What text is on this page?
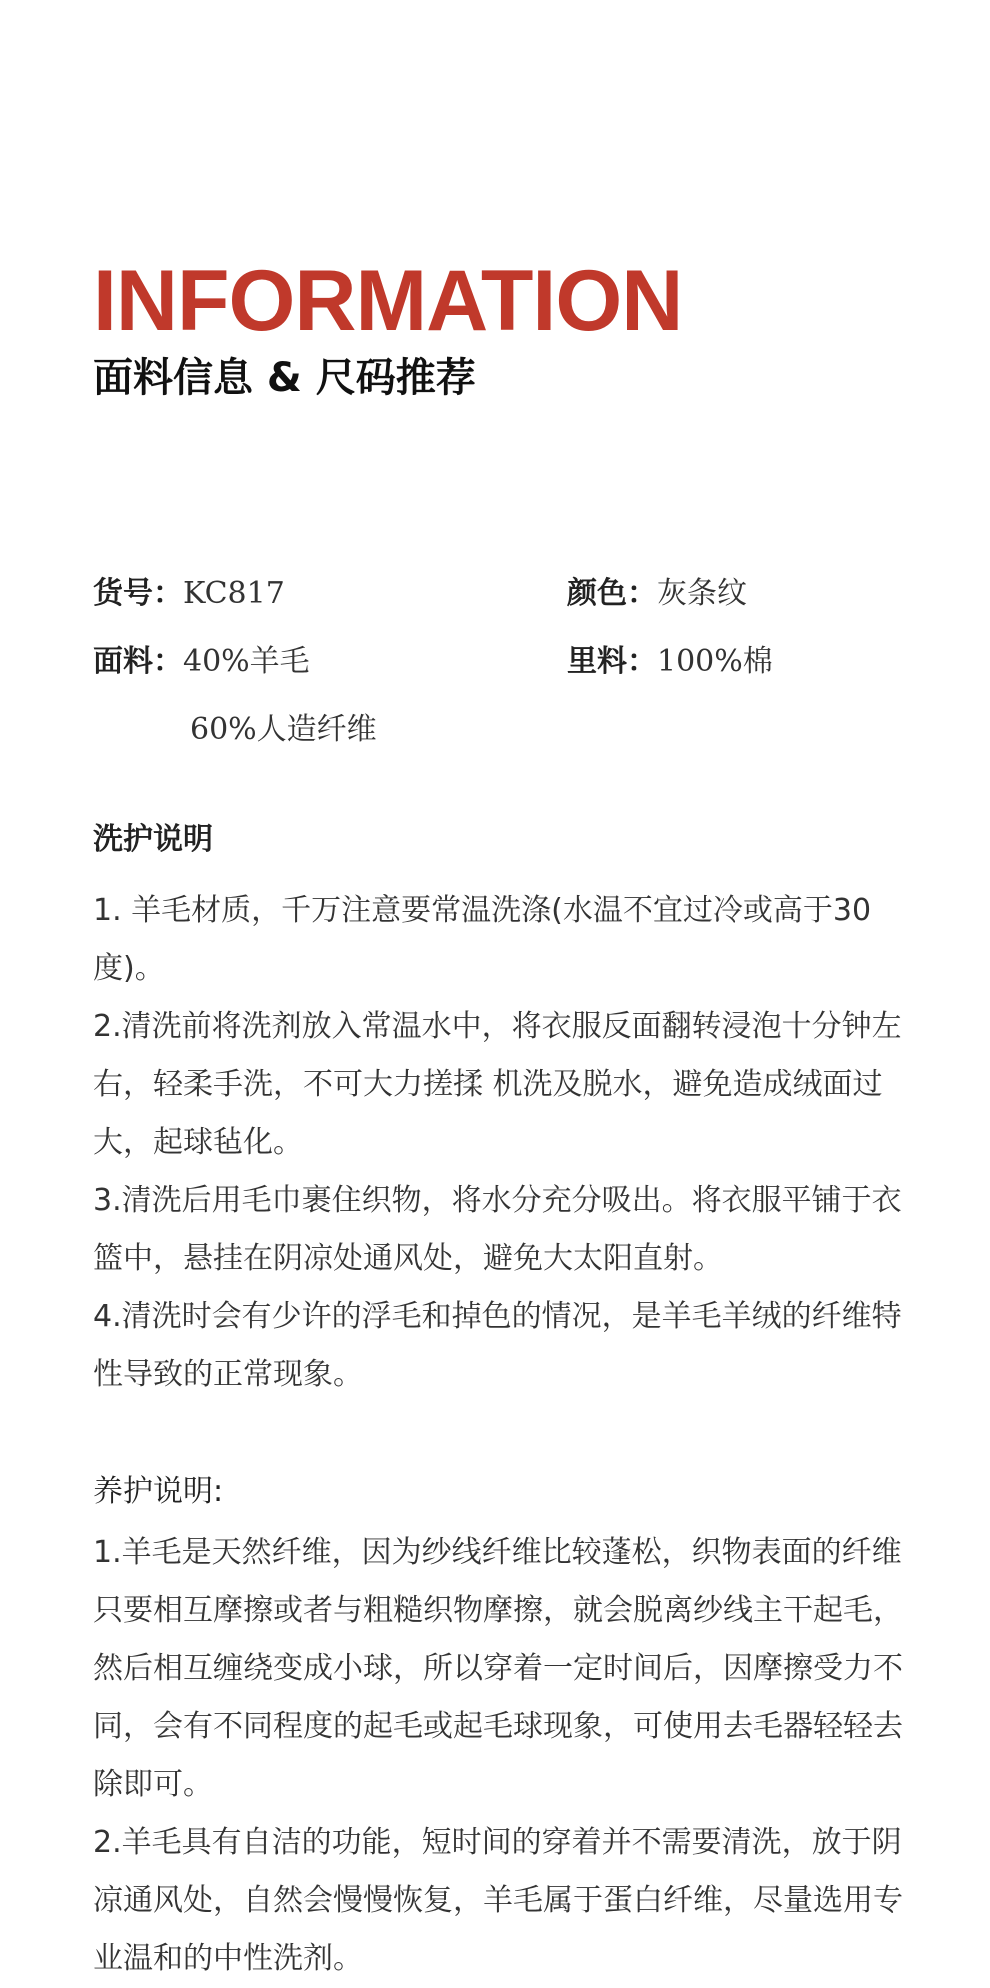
INFORMATION
面料信息 & 尺码推荐
货号：KC817	颜色：灰条纹
面料：40%羊毛	里料：100%棉
60%人造纤维
洗护说明

1. 羊毛材质，千万注意要常温洗涤(水温不宜过冷或高于30度)。

2.清洗前将洗剂放入常温水中，将衣服反面翻转浸泡十分钟左右，轻柔手洗，不可大力搓揉 机洗及脱水，避免造成绒面过大，起球毡化。

3.清洗后用毛巾裹住织物，将水分充分吸出。将衣服平铺于衣篮中，悬挂在阴凉处通风处，避免大太阳直射。

4.清洗时会有少许的浮毛和掉色的情况，是羊毛羊绒的纤维特性导致的正常现象。

养护说明:

1.羊毛是天然纤维，因为纱线纤维比较蓬松，织物表面的纤维只要相互摩擦或者与粗糙织物摩擦，就会脱离纱线主干起毛，然后相互缠绕变成小球，所以穿着一定时间后，因摩擦受力不同，会有不同程度的起毛或起毛球现象，可使用去毛器轻轻去除即可。

2.羊毛具有自洁的功能，短时间的穿着并不需要清洗，放于阴凉通风处，自然会慢慢恢复，羊毛属于蛋白纤维，尽量选用专业温和的中性洗剂。
